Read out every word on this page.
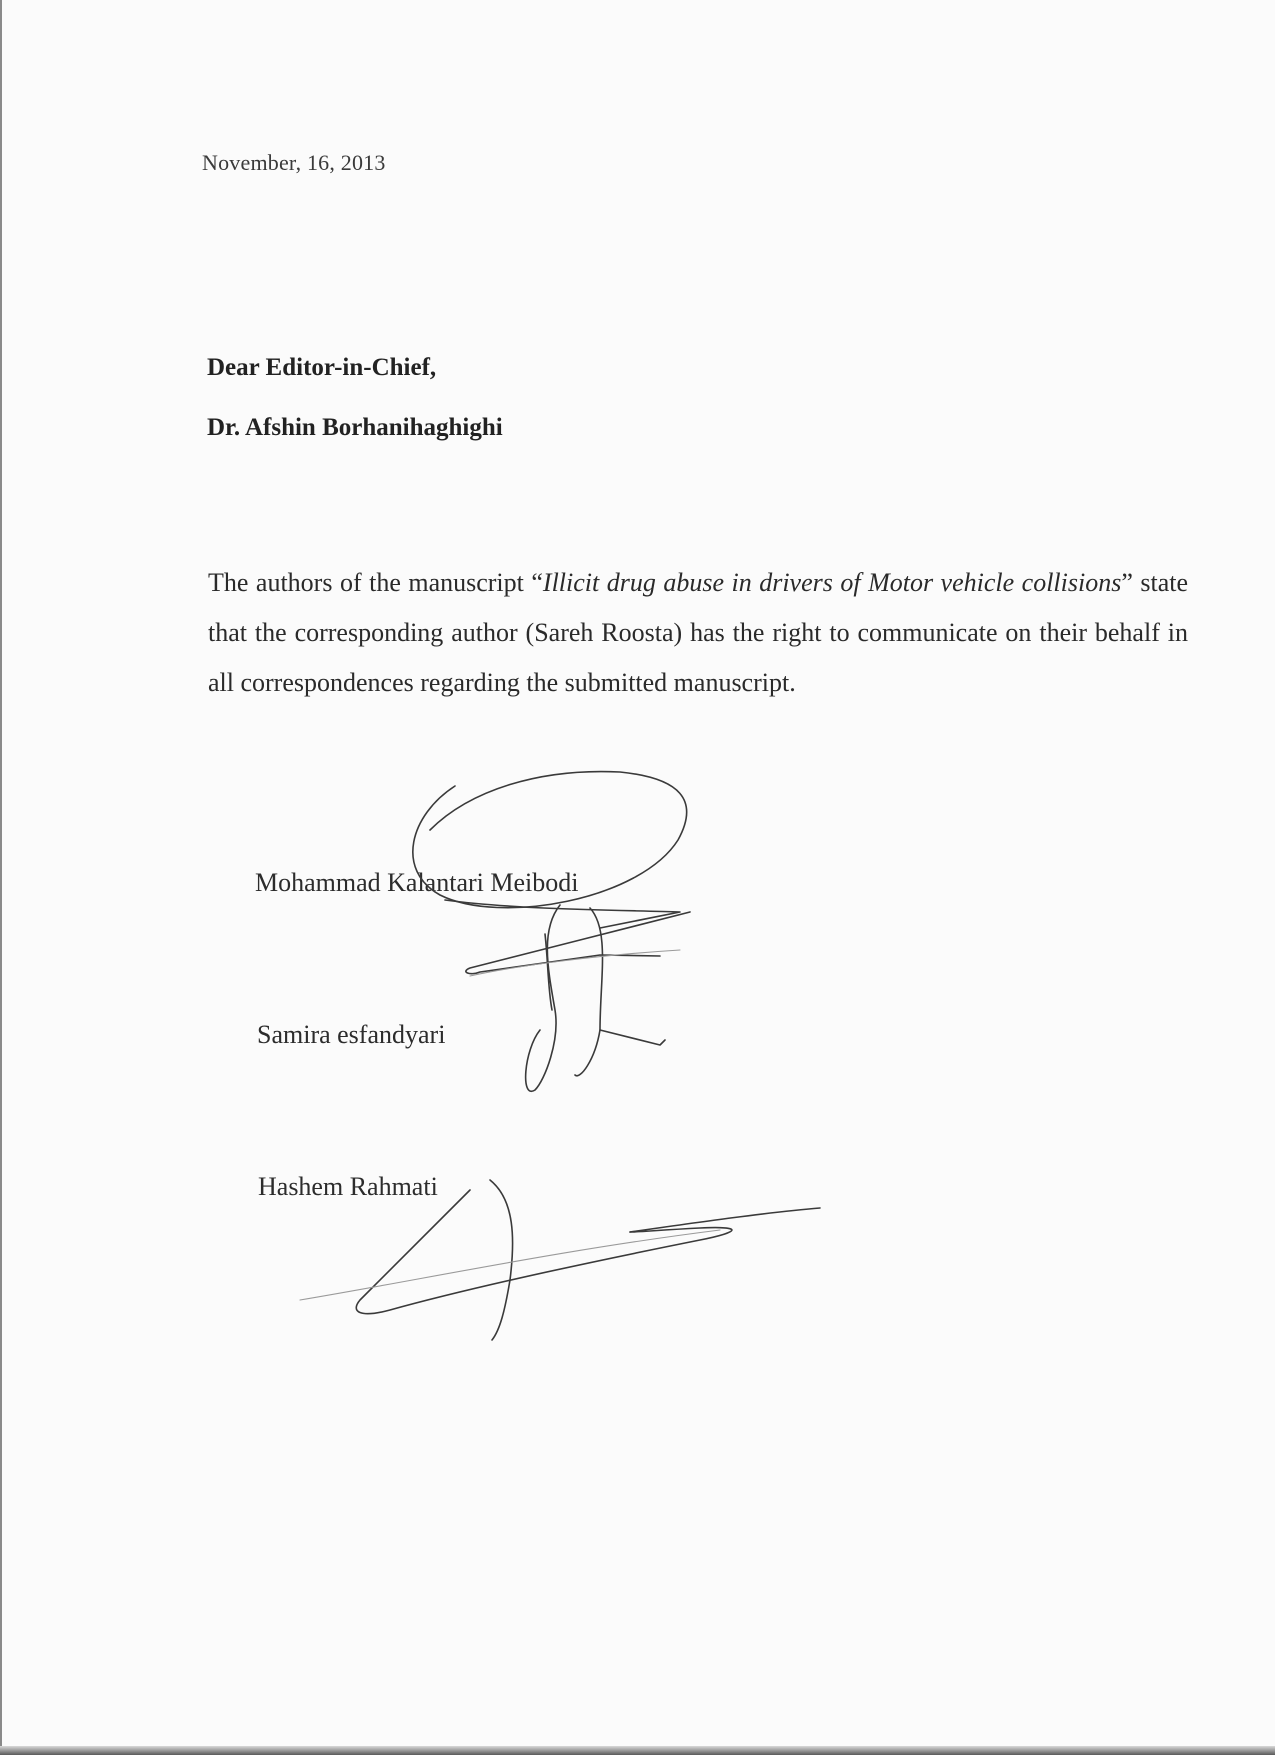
November, 16, 2013
Dear Editor-in-Chief,
Dr. Afshin Borhanihaghighi
The authors of the manuscript “Illicit drug abuse in drivers of Motor vehicle collisions” state that the corresponding author (Sareh Roosta) has the right to communicate on their behalf in all correspondences regarding the submitted manuscript.
Mohammad Kalantari Meibodi
Samira esfandyari
Hashem Rahmati
